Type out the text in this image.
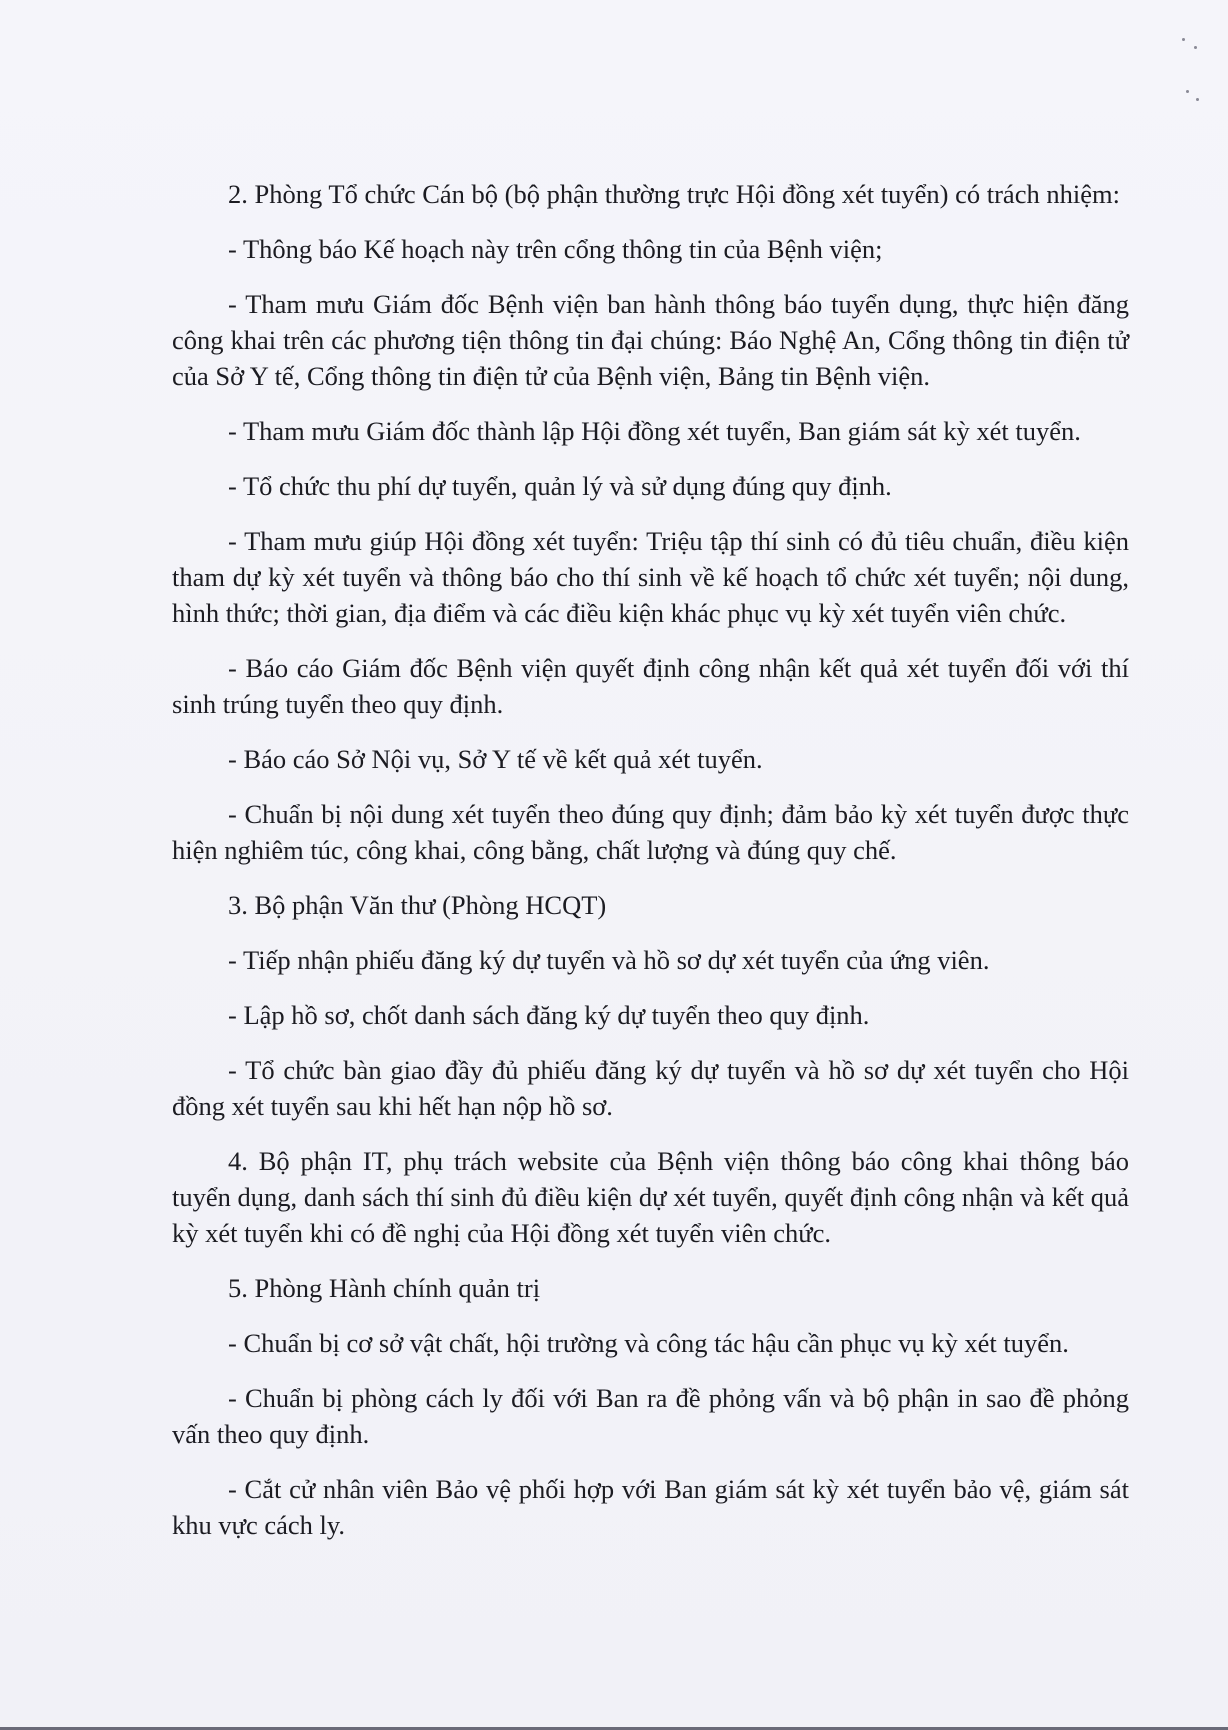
2. Phòng Tổ chức Cán bộ (bộ phận thường trực Hội đồng xét tuyển) có trách nhiệm:

- Thông báo Kế hoạch này trên cổng thông tin của Bệnh viện;

- Tham mưu Giám đốc Bệnh viện ban hành thông báo tuyển dụng, thực hiện đăng công khai trên các phương tiện thông tin đại chúng: Báo Nghệ An, Cổng thông tin điện tử của Sở Y tế, Cổng thông tin điện tử của Bệnh viện, Bảng tin Bệnh viện.

- Tham mưu Giám đốc thành lập Hội đồng xét tuyển, Ban giám sát kỳ xét tuyển.

- Tổ chức thu phí dự tuyển, quản lý và sử dụng đúng quy định.

- Tham mưu giúp Hội đồng xét tuyển: Triệu tập thí sinh có đủ tiêu chuẩn, điều kiện tham dự kỳ xét tuyển và thông báo cho thí sinh về kế hoạch tổ chức xét tuyển; nội dung, hình thức; thời gian, địa điểm và các điều kiện khác phục vụ kỳ xét tuyển viên chức.

- Báo cáo Giám đốc Bệnh viện quyết định công nhận kết quả xét tuyển đối với thí sinh trúng tuyển theo quy định.

- Báo cáo Sở Nội vụ, Sở Y tế về kết quả xét tuyển.

- Chuẩn bị nội dung xét tuyển theo đúng quy định; đảm bảo kỳ xét tuyển được thực hiện nghiêm túc, công khai, công bằng, chất lượng và đúng quy chế.

3. Bộ phận Văn thư (Phòng HCQT)

- Tiếp nhận phiếu đăng ký dự tuyển và hồ sơ dự xét tuyển của ứng viên.

- Lập hồ sơ, chốt danh sách đăng ký dự tuyển theo quy định.

- Tổ chức bàn giao đầy đủ phiếu đăng ký dự tuyển và hồ sơ dự xét tuyển cho Hội đồng xét tuyển sau khi hết hạn nộp hồ sơ.

4. Bộ phận IT, phụ trách website của Bệnh viện thông báo công khai thông báo tuyển dụng, danh sách thí sinh đủ điều kiện dự xét tuyển, quyết định công nhận và kết quả kỳ xét tuyển khi có đề nghị của Hội đồng xét tuyển viên chức.

5. Phòng Hành chính quản trị

- Chuẩn bị cơ sở vật chất, hội trường và công tác hậu cần phục vụ kỳ xét tuyển.

- Chuẩn bị phòng cách ly đối với Ban ra đề phỏng vấn và bộ phận in sao đề phỏng vấn theo quy định.

- Cắt cử nhân viên Bảo vệ phối hợp với Ban giám sát kỳ xét tuyển bảo vệ, giám sát khu vực cách ly.
